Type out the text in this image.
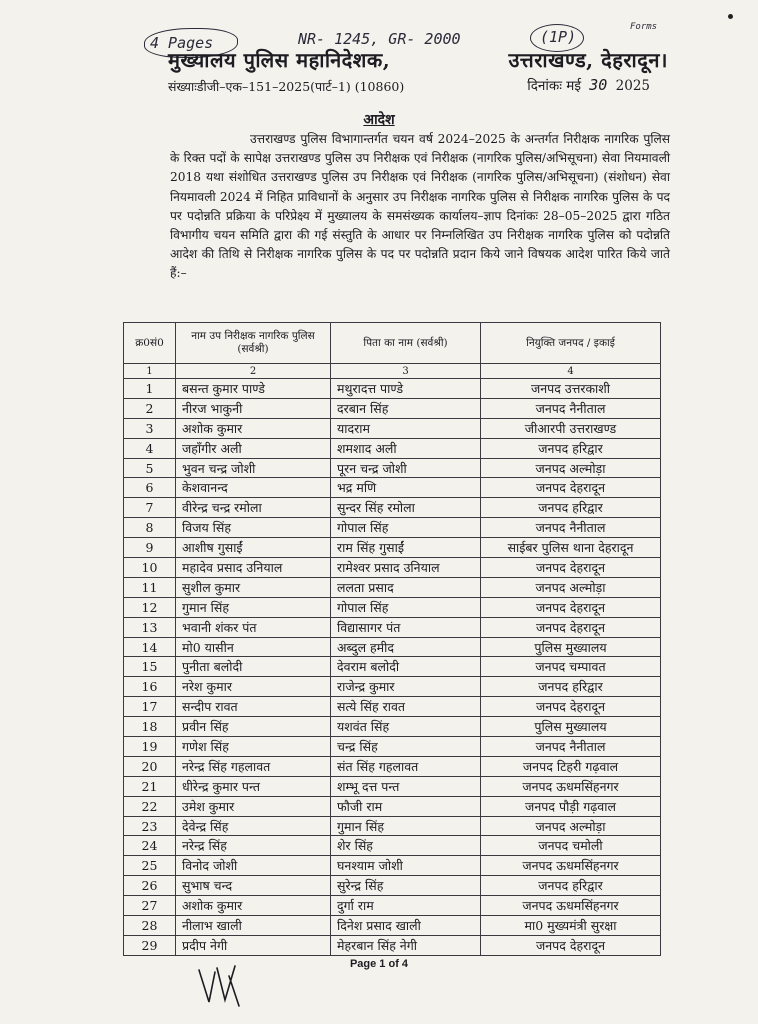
4 Pages	NR- 1245, GR- 2000	(1P)
Forms
मुख्यालय पुलिस महानिदेशक,	उत्तराखण्ड, देहरादून।
संख्याःडीजी–एक–151–2025(पार्ट–1) (10860)	दिनांकः मई 30 2025
आदेश
उत्तराखण्ड पुलिस विभागान्तर्गत चयन वर्ष 2024–2025 के अन्तर्गत निरीक्षक नागरिक पुलिस के रिक्त पदों के सापेक्ष उत्तराखण्ड पुलिस उप निरीक्षक एवं निरीक्षक (नागरिक पुलिस/अभिसूचना) सेवा नियमावली 2018 यथा संशोधित उत्तराखण्ड पुलिस उप निरीक्षक एवं निरीक्षक (नागरिक पुलिस/अभिसूचना) (संशोधन) सेवा नियमावली 2024 में निहित प्राविधानों के अनुसार उप निरीक्षक नागरिक पुलिस से निरीक्षक नागरिक पुलिस के पद पर पदोन्नति प्रक्रिया के परिप्रेक्ष्य में मुख्यालय के समसंख्यक कार्यालय–ज्ञाप दिनांकः 28–05–2025 द्वारा गठित विभागीय चयन समिति द्वारा की गई संस्तुति के आधार पर निम्नलिखित उप निरीक्षक नागरिक पुलिस को पदोन्नति आदेश की तिथि से निरीक्षक नागरिक पुलिस के पद पर पदोन्नति प्रदान किये जाने विषयक आदेश पारित किये जाते हैं:–
क्र0सं0	नाम उप निरीक्षक नागरिक पुलिस (सर्वश्री)	पिता का नाम (सर्वश्री)	नियुक्ति जनपद / इकाई
1	2	3	4
1	बसन्त कुमार पाण्डे	मथुरादत्त पाण्डे	जनपद उत्तरकाशी
2	नीरज भाकुनी	दरबान सिंह	जनपद नैनीताल
3	अशोक कुमार	यादराम	जीआरपी उत्तराखण्ड
4	जहाँगीर अली	शमशाद अली	जनपद हरिद्वार
5	भुवन चन्द्र जोशी	पूरन चन्द्र जोशी	जनपद अल्मोड़ा
6	केशवानन्द	भद्र मणि	जनपद देहरादून
7	वीरेन्द्र चन्द्र रमोला	सुन्दर सिंह रमोला	जनपद हरिद्वार
8	विजय सिंह	गोपाल सिंह	जनपद नैनीताल
9	आशीष गुसाईं	राम सिंह गुसाईं	साईबर पुलिस थाना देहरादून
10	महादेव प्रसाद उनियाल	रामेश्वर प्रसाद उनियाल	जनपद देहरादून
11	सुशील कुमार	ललता प्रसाद	जनपद अल्मोड़ा
12	गुमान सिंह	गोपाल सिंह	जनपद देहरादून
13	भवानी शंकर पंत	विद्यासागर पंत	जनपद देहरादून
14	मो0 यासीन	अब्दुल हमीद	पुलिस मुख्यालय
15	पुनीता बलोदी	देवराम बलोदी	जनपद चम्पावत
16	नरेश कुमार	राजेन्द्र कुमार	जनपद हरिद्वार
17	सन्दीप रावत	सत्ये सिंह रावत	जनपद देहरादून
18	प्रवीन सिंह	यशवंत सिंह	पुलिस मुख्यालय
19	गणेश सिंह	चन्द्र सिंह	जनपद नैनीताल
20	नरेन्द्र सिंह गहलावत	संत सिंह गहलावत	जनपद टिहरी गढ़वाल
21	धीरेन्द्र कुमार पन्त	शम्भू दत्त पन्त	जनपद ऊधमसिंहनगर
22	उमेश कुमार	फौजी राम	जनपद पौड़ी गढ़वाल
23	देवेन्द्र सिंह	गुमान सिंह	जनपद अल्मोड़ा
24	नरेन्द्र सिंह	शेर सिंह	जनपद चमोली
25	विनोद जोशी	घनश्याम जोशी	जनपद ऊधमसिंहनगर
26	सुभाष चन्द	सुरेन्द्र सिंह	जनपद हरिद्वार
27	अशोक कुमार	दुर्गा राम	जनपद ऊधमसिंहनगर
28	नीलाभ खाली	दिनेश प्रसाद खाली	मा0 मुख्यमंत्री सुरक्षा
29	प्रदीप नेगी	मेहरबान सिंह नेगी	जनपद देहरादून
Page 1 of 4
